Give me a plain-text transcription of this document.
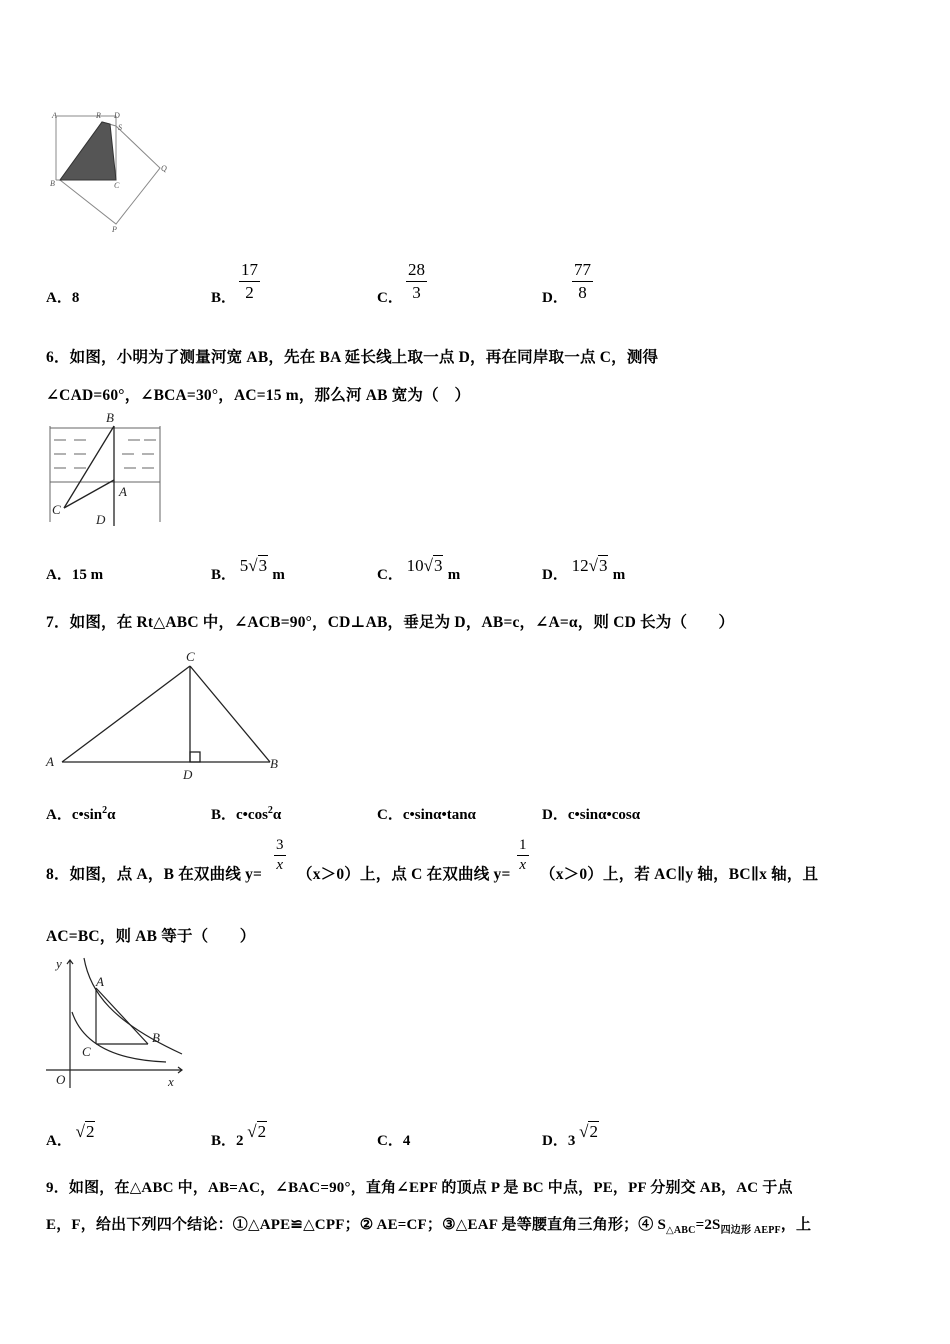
A	R D
S
Q
B	C
P
A．8	B． $\frac{17}{2}$	C． $\frac{28}{3}$	D． $\frac{77}{8}$
6．如图，小明为了测量河宽 AB，先在 BA 延长线上取一点 D，再在同岸取一点 C，测得
∠CAD=60°，∠BCA=30°，AC=15 m，那么河 AB 宽为（　）
B
A
C
D
A．15 m	B． 5√3 m	C． 10√3 m	D． 12√3 m
7．如图，在 Rt△ABC 中，∠ACB=90°，CD⊥AB，垂足为 D，AB=c，∠A=α，则 CD 长为（　　）
C
A
D
B
A．$c•\sin^2\alpha$	B．$c•\cos^2\alpha$	C．c•sinα•tanα	D．c•sinα•cosα
8．如图，点 A，B 在双曲线 y=
$\frac{3}{x}$
（x＞0）上，点 C 在双曲线 y=
$\frac{1}{x}$
（x＞0）上，若 AC∥y 轴，BC∥x 轴，且
AC=BC，则 AB 等于（　　）
y
A
B
C
O	x
A． √2	B．2 √2	C．4	D．3 √2
9．如图，在△ABC 中，AB=AC，∠BAC=90°，直角∠EPF 的顶点 P 是 BC 中点，PE，PF 分别交 AB，AC 于点
E，F，给出下列四个结论：①△APE≌△CPF；② AE=CF；③△EAF 是等腰直角三角形；④ $S_{\triangle ABC}=2S_{四边形 AEPF}$，上
